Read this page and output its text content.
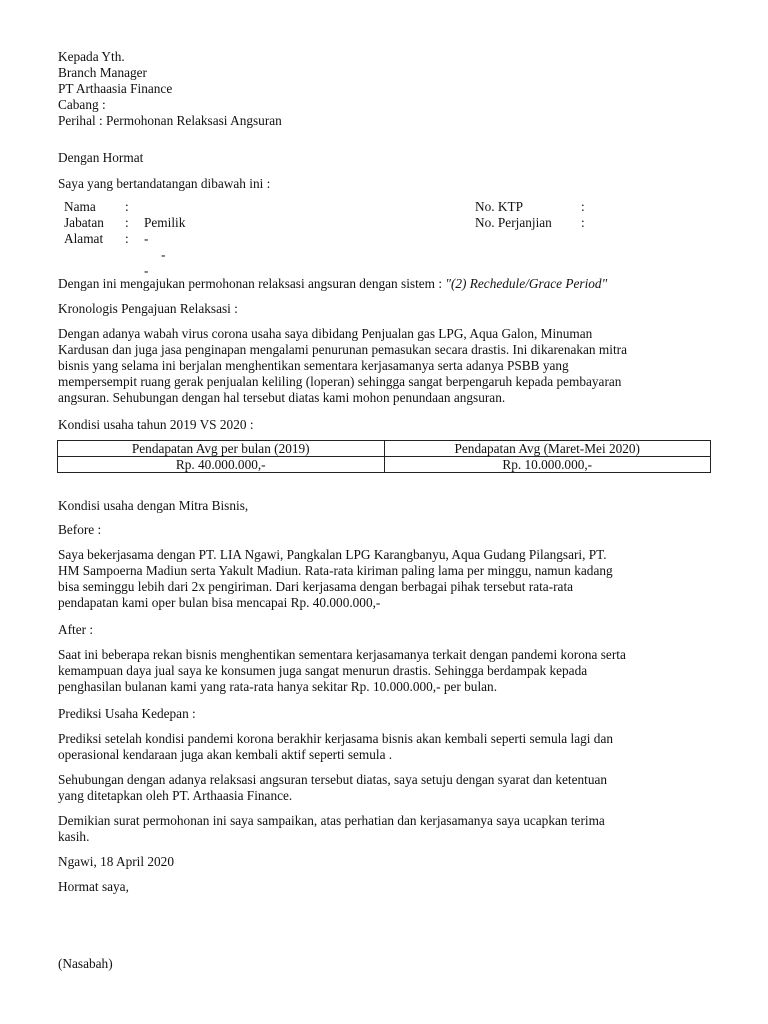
Kepada Yth.
Branch Manager
PT Arthaasia Finance
Cabang :
Perihal : Permohonan Relaksasi Angsuran
Dengan Hormat
Saya yang bertandatangan dibawah ini :
Nama :	No. KTP	:
Jabatan : Pemilik	No. Perjanjian :
Alamat : -
-
-
Dengan ini mengajukan permohonan relaksasi angsuran dengan sistem : "(2) Rechedule/Grace Period"
Kronologis Pengajuan Relaksasi :
Dengan adanya wabah virus corona usaha saya dibidang Penjualan gas LPG, Aqua Galon, Minuman
Kardusan dan juga jasa penginapan mengalami penurunan pemasukan secara drastis. Ini dikarenakan mitra
bisnis yang selama ini berjalan menghentikan sementara kerjasamanya serta adanya PSBB yang
mempersempit ruang gerak penjualan keliling (loperan) sehingga sangat berpengaruh kepada pembayaran
angsuran. Sehubungan dengan hal tersebut diatas kami mohon penundaan angsuran.
Kondisi usaha tahun 2019 VS 2020 :
Pendapatan Avg per bulan (2019)	Pendapatan Avg (Maret-Mei 2020)
Rp. 40.000.000,-	Rp. 10.000.000,-
Kondisi usaha dengan Mitra Bisnis,
Before :
Saya bekerjasama dengan PT. LIA Ngawi, Pangkalan LPG Karangbanyu, Aqua Gudang Pilangsari, PT.
HM Sampoerna Madiun serta Yakult Madiun. Rata-rata kiriman paling lama per minggu, namun kadang
bisa seminggu lebih dari 2x pengiriman. Dari kerjasama dengan berbagai pihak tersebut rata-rata
pendapatan kami oper bulan bisa mencapai Rp. 40.000.000,-
After :
Saat ini beberapa rekan bisnis menghentikan sementara kerjasamanya terkait dengan pandemi korona serta
kemampuan daya jual saya ke konsumen juga sangat menurun drastis. Sehingga berdampak kepada
penghasilan bulanan kami yang rata-rata hanya sekitar Rp. 10.000.000,- per bulan.
Prediksi Usaha Kedepan :
Prediksi setelah kondisi pandemi korona berakhir kerjasama bisnis akan kembali seperti semula lagi dan
operasional kendaraan juga akan kembali aktif seperti semula .
Sehubungan dengan adanya relaksasi angsuran tersebut diatas, saya setuju dengan syarat dan ketentuan
yang ditetapkan oleh PT. Arthaasia Finance.
Demikian surat permohonan ini saya sampaikan, atas perhatian dan kerjasamanya saya ucapkan terima
kasih.
Ngawi, 18 April 2020
Hormat saya,
(Nasabah)
